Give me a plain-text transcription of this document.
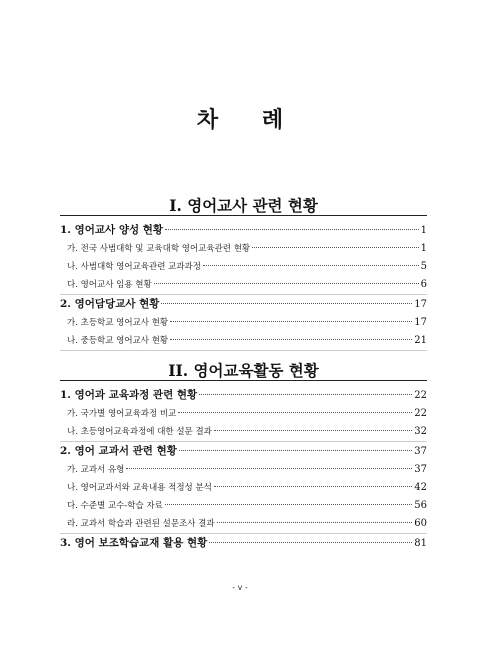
차 례
I. 영어교사 관련 현황
1. 영어교사 양성 현황	1
가. 전국 사범대학 및 교육대학 영어교육관련 현황	1
나. 사범대학 영어교육관련 교과과정	5
다. 영어교사 임용 현황	6
2. 영어담당교사 현황	17
가. 초등학교 영어교사 현황	17
나. 중등학교 영어교사 현황	21
II. 영어교육활동 현황
1. 영어과 교육과정 관련 현황	22
가. 국가별 영어교육과정 비교	22
나. 초등영어교육과정에 대한 설문 결과	32
2. 영어 교과서 관련 현황	37
가. 교과서 유형	37
나. 영어교과서와 교육내용 적정성 분석	42
다. 수준별 교수-학습 자료	56
라. 교과서 학습과 관련된 설문조사 결과	60
3. 영어 보조학습교재 활용 현황	81
- v -
